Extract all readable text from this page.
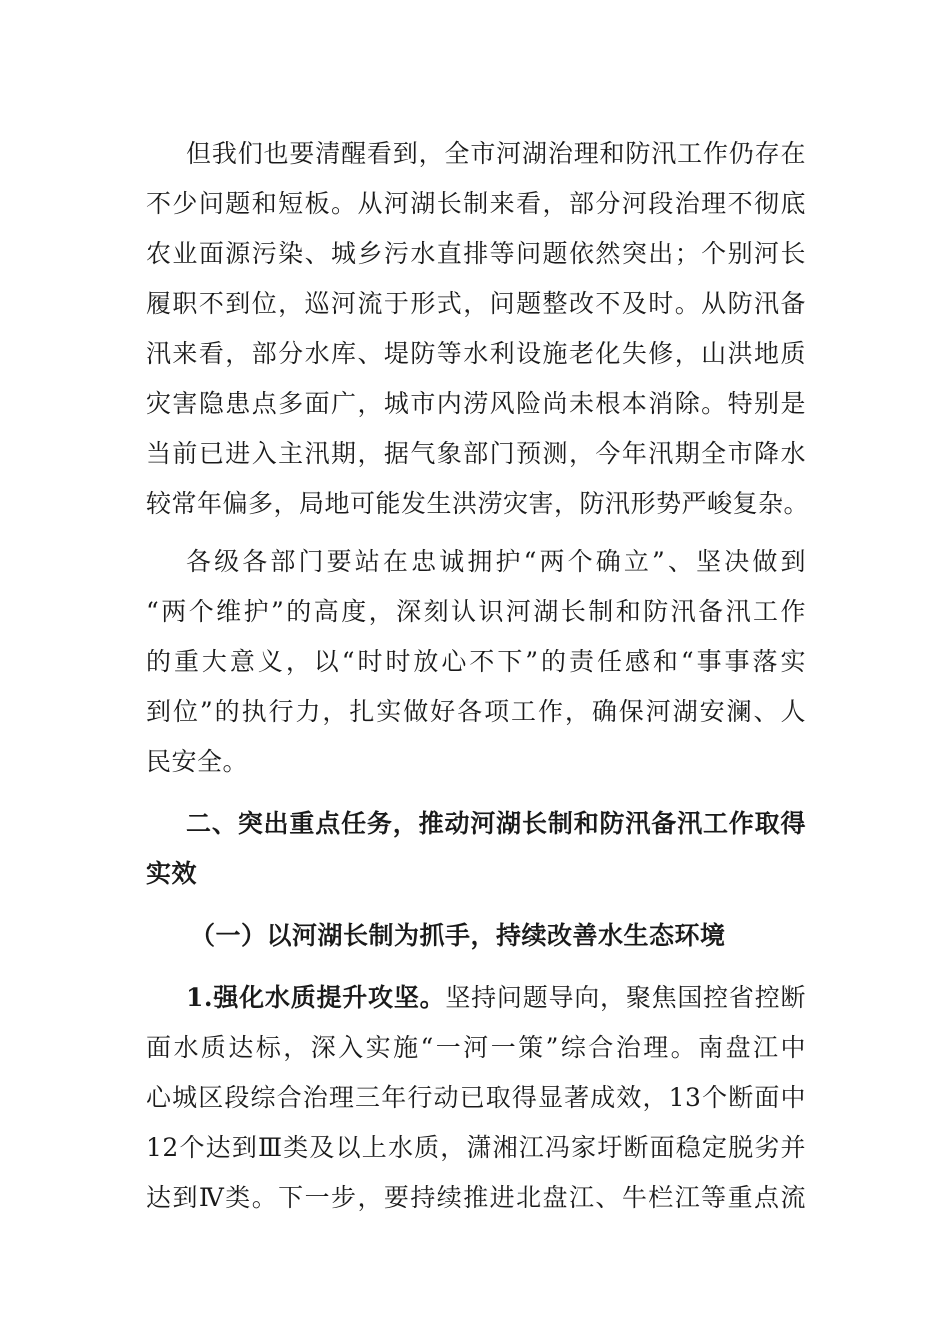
但我们也要清醒看到，全市河湖治理和防汛工作仍存在
不少问题和短板。从河湖长制来看，部分河段治理不彻底
农业面源污染、城乡污水直排等问题依然突出；个别河长
履职不到位，巡河流于形式，问题整改不及时。从防汛备
汛来看，部分水库、堤防等水利设施老化失修，山洪地质
灾害隐患点多面广，城市内涝风险尚未根本消除。特别是
当前已进入主汛期，据气象部门预测，今年汛期全市降水
较常年偏多，局地可能发生洪涝灾害，防汛形势严峻复杂。
各级各部门要站在忠诚拥护“两个确立”、坚决做到
“两个维护”的高度，深刻认识河湖长制和防汛备汛工作
的重大意义，以“时时放心不下”的责任感和“事事落实
到位”的执行力，扎实做好各项工作，确保河湖安澜、人
民安全。
二、突出重点任务，推动河湖长制和防汛备汛工作取得
实效
（一）以河湖长制为抓手，持续改善水生态环境
1.强化水质提升攻坚。坚持问题导向，聚焦国控省控断
面水质达标，深入实施“一河一策”综合治理。南盘江中
心城区段综合治理三年行动已取得显著成效，13个断面中
12个达到Ⅲ类及以上水质，潇湘江冯家圩断面稳定脱劣并
达到Ⅳ类。下一步，要持续推进北盘江、牛栏江等重点流
